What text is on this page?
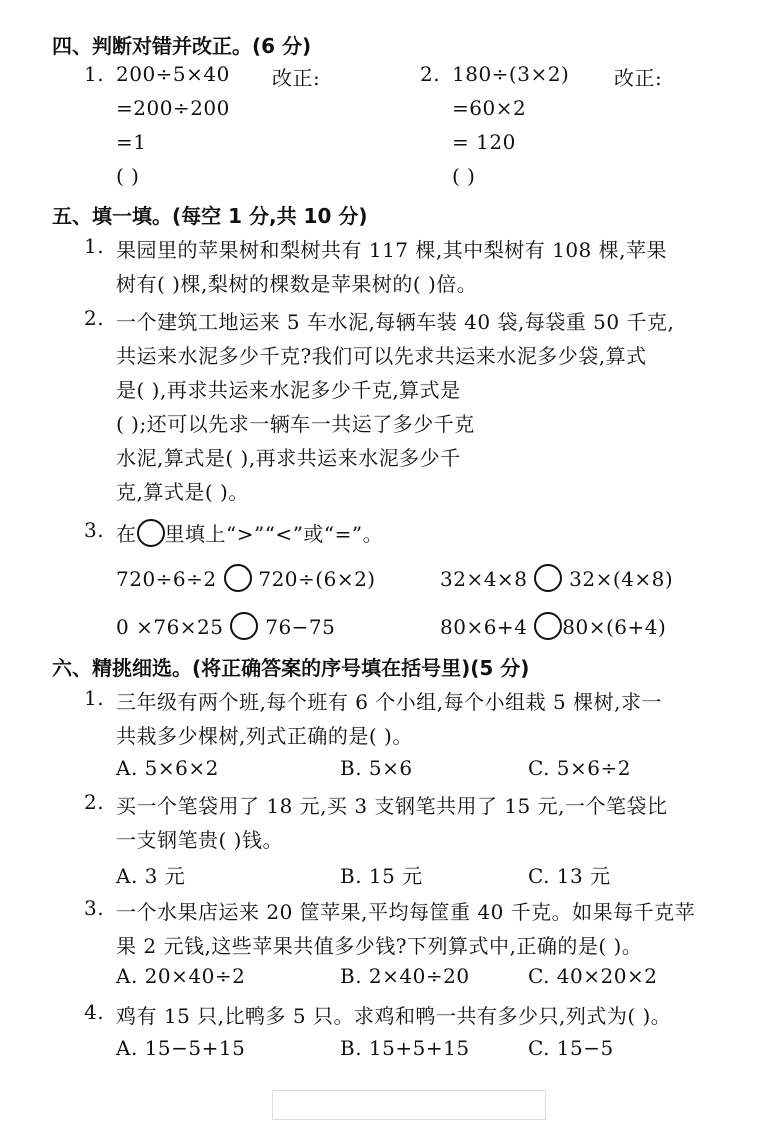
四、判断对错并改正。(6 分)
1. 200÷5×40 改正:
=200÷200
=1
( )
2. 180÷(3×2) 改正:
=60×2
= 120
( )
五、填一填。(每空 1 分,共 10 分)
1. 果园里的苹果树和梨树共有 117 棵,其中梨树有 108 棵,苹果
树有( )棵,梨树的棵数是苹果树的( )倍。
2. 一个建筑工地运来 5 车水泥,每辆车装 40 袋,每袋重 50 千克,
共运来水泥多少千克?我们可以先求共运来水泥多少袋,算式
是( ),再求共运来水泥多少千克,算式是
( );还可以先求一辆车一共运了多少千克
水泥,算式是( ),再求共运来水泥多少千
克,算式是( )。
3. 在 里填上“>”“<”或“=”。
720÷6÷2 720÷(6×2)	32×4×8 32×(4×8)
0 ×76×25 76−75	80×6+4 80×(6+4)
六、精挑细选。(将正确答案的序号填在括号里)(5 分)
1. 三年级有两个班,每个班有 6 个小组,每个小组栽 5 棵树,求一
共栽多少棵树,列式正确的是( )。
A. 5×6×2	B. 5×6	C. 5×6÷2
2. 买一个笔袋用了 18 元,买 3 支钢笔共用了 15 元,一个笔袋比
一支钢笔贵( )钱。
A. 3 元	B. 15 元	C. 13 元
3. 一个水果店运来 20 筐苹果,平均每筐重 40 千克。如果每千克苹
果 2 元钱,这些苹果共值多少钱?下列算式中,正确的是( )。
A. 20×40÷2	B. 2×40÷20	C. 40×20×2
4. 鸡有 15 只,比鸭多 5 只。求鸡和鸭一共有多少只,列式为( )。
A. 15−5+15	B. 15+5+15	C. 15−5
